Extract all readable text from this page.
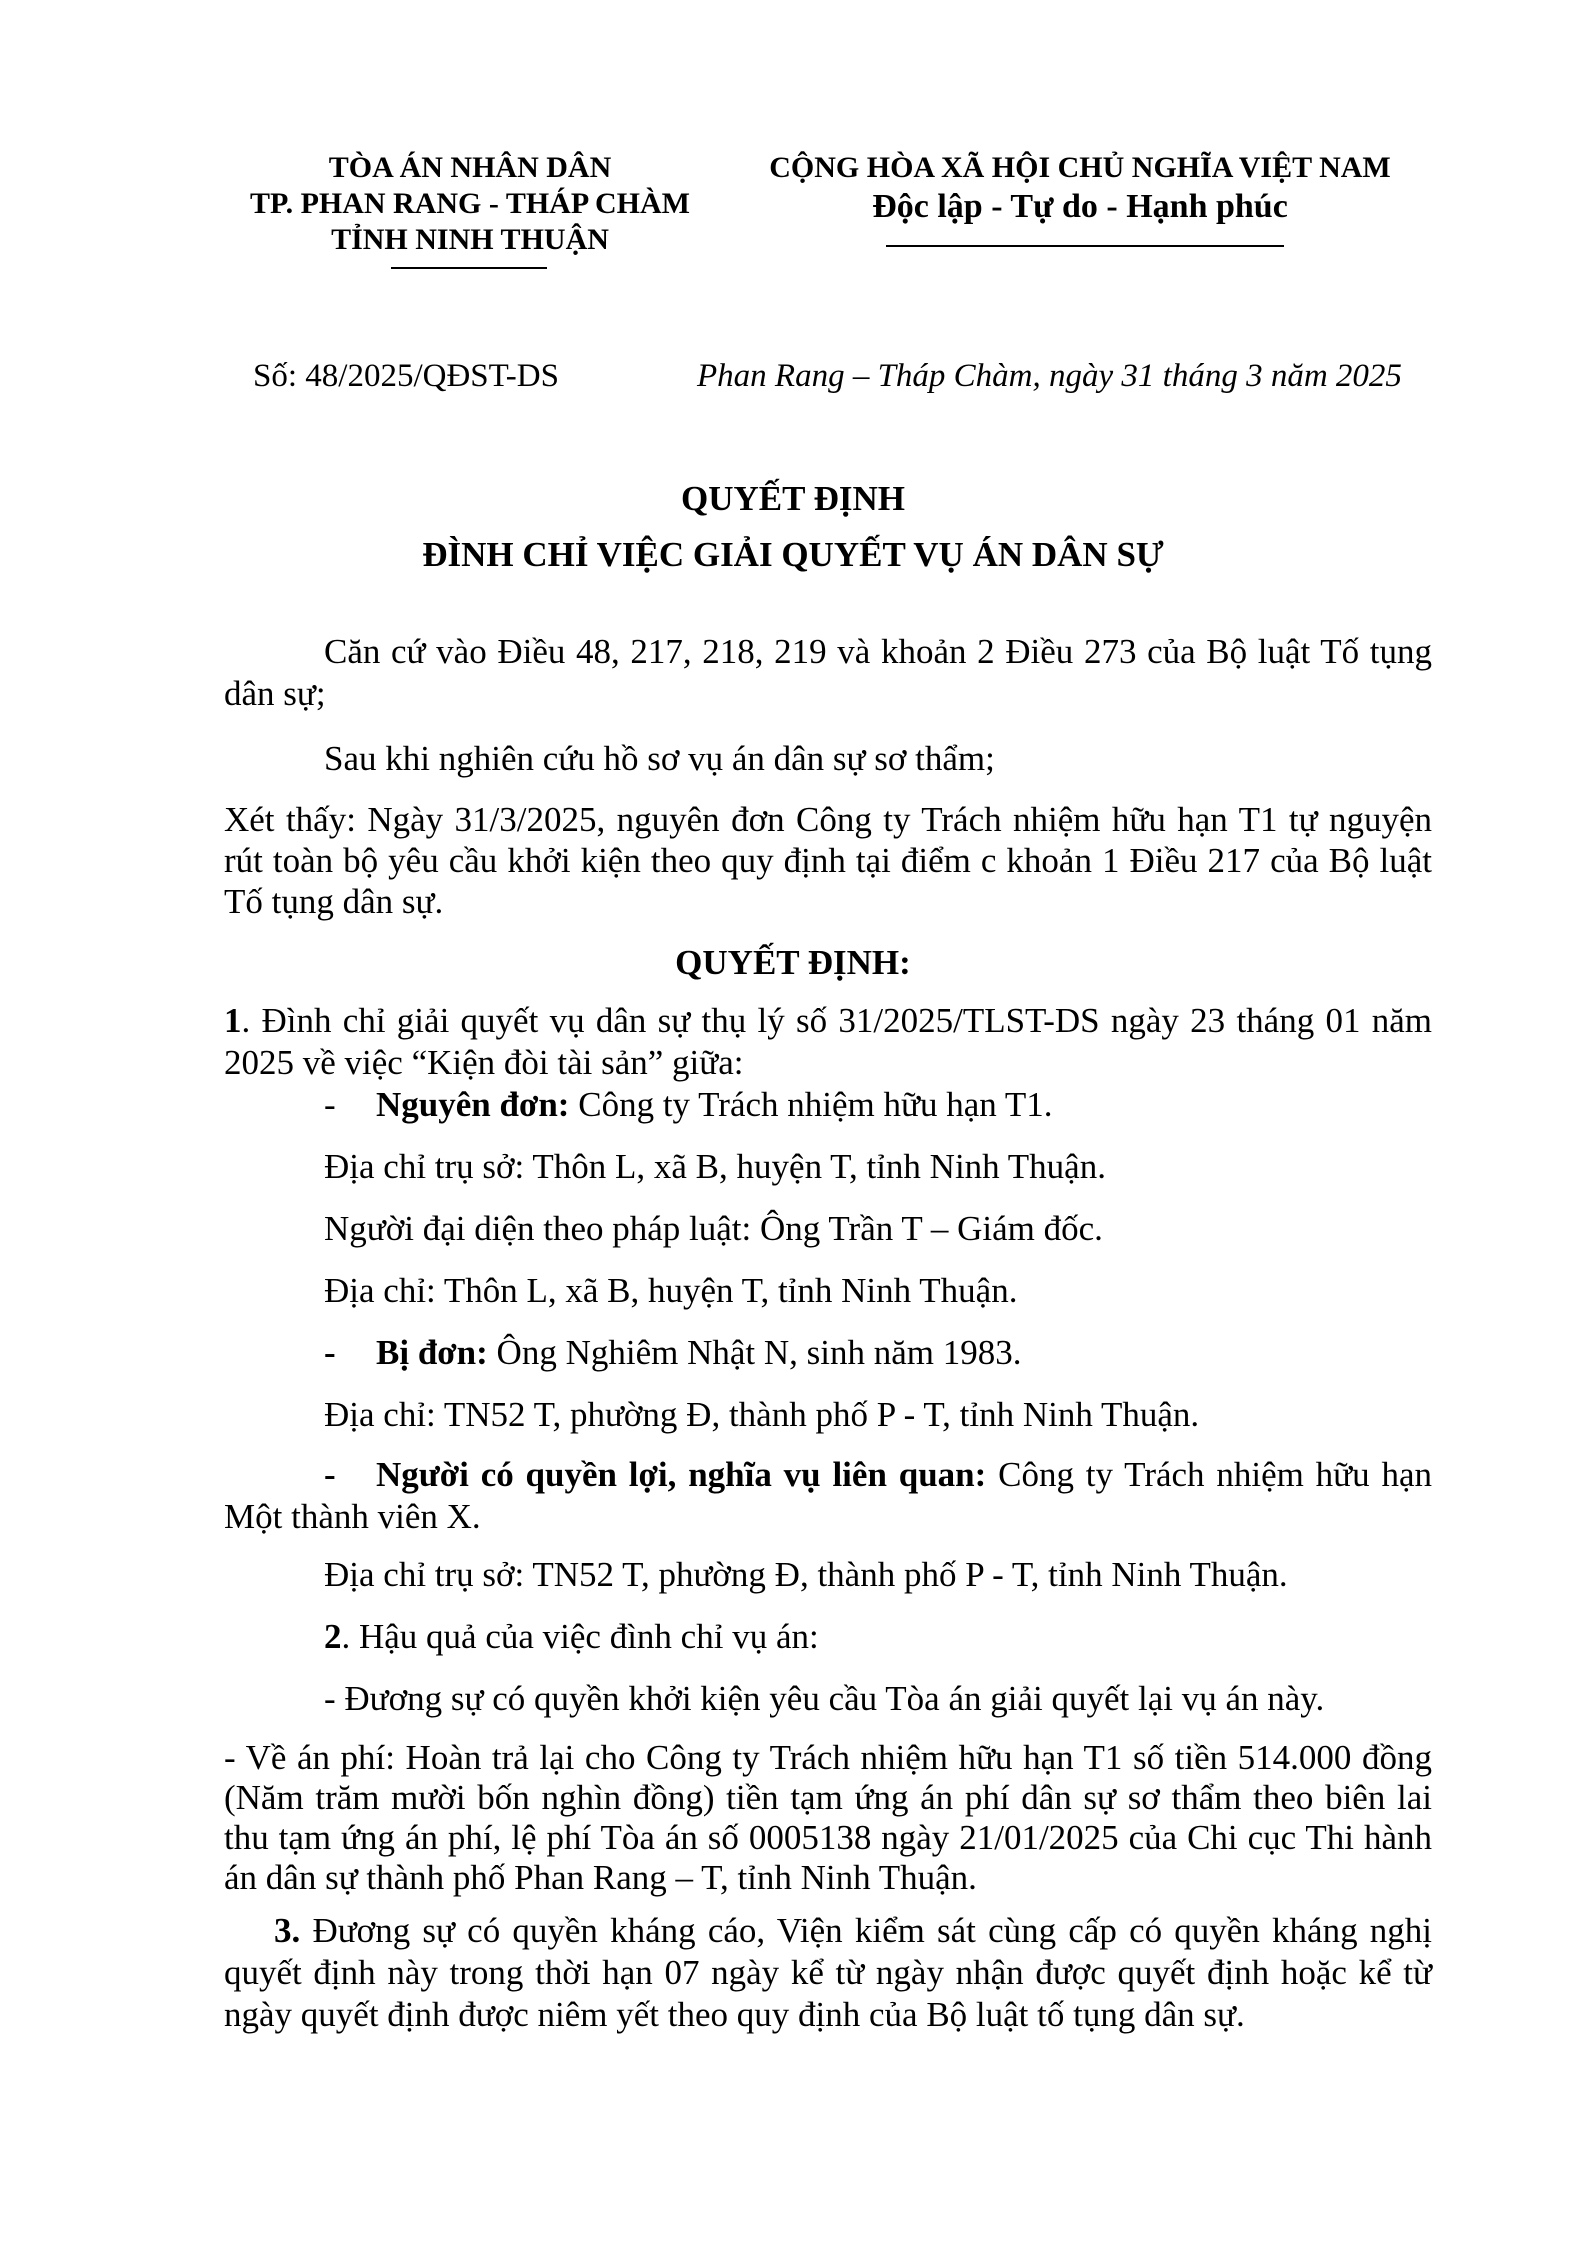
TÒA ÁN NHÂN DÂN
TP. PHAN RANG - THÁP CHÀM
TỈNH NINH THUẬN
CỘNG HÒA XÃ HỘI CHỦ NGHĨA VIỆT NAM
Độc lập - Tự do - Hạnh phúc
Số: 48/2025/QĐST-DS	Phan Rang – Tháp Chàm, ngày 31 tháng 3 năm 2025
QUYẾT ĐỊNH
ĐÌNH CHỈ VIỆC GIẢI QUYẾT VỤ ÁN DÂN SỰ
Căn cứ vào Điều 48, 217, 218, 219 và khoản 2 Điều 273 của Bộ luật Tố tụng dân sự;
Sau khi nghiên cứu hồ sơ vụ án dân sự sơ thẩm;
Xét thấy: Ngày 31/3/2025, nguyên đơn Công ty Trách nhiệm hữu hạn T1 tự nguyện rút toàn bộ yêu cầu khởi kiện theo quy định tại điểm c khoản 1 Điều 217 của Bộ luật Tố tụng dân sự.
QUYẾT ĐỊNH:
1. Đình chỉ giải quyết vụ dân sự thụ lý số 31/2025/TLST-DS ngày 23 tháng 01 năm 2025 về việc “Kiện đòi tài sản” giữa:
- Nguyên đơn: Công ty Trách nhiệm hữu hạn T1.
Địa chỉ trụ sở: Thôn L, xã B, huyện T, tỉnh Ninh Thuận.
Người đại diện theo pháp luật: Ông Trần T – Giám đốc.
Địa chỉ: Thôn L, xã B, huyện T, tỉnh Ninh Thuận.
- Bị đơn: Ông Nghiêm Nhật N, sinh năm 1983.
Địa chỉ: TN52 T, phường Đ, thành phố P - T, tỉnh Ninh Thuận.
- Người có quyền lợi, nghĩa vụ liên quan: Công ty Trách nhiệm hữu hạn Một thành viên X.
Địa chỉ trụ sở: TN52 T, phường Đ, thành phố P - T, tỉnh Ninh Thuận.
2. Hậu quả của việc đình chỉ vụ án:
- Đương sự có quyền khởi kiện yêu cầu Tòa án giải quyết lại vụ án này.
- Về án phí: Hoàn trả lại cho Công ty Trách nhiệm hữu hạn T1 số tiền 514.000 đồng (Năm trăm mười bốn nghìn đồng) tiền tạm ứng án phí dân sự sơ thẩm theo biên lai thu tạm ứng án phí, lệ phí Tòa án số 0005138 ngày 21/01/2025 của Chi cục Thi hành án dân sự thành phố Phan Rang – T, tỉnh Ninh Thuận.
3. Đương sự có quyền kháng cáo, Viện kiểm sát cùng cấp có quyền kháng nghị quyết định này trong thời hạn 07 ngày kể từ ngày nhận được quyết định hoặc kể từ ngày quyết định được niêm yết theo quy định của Bộ luật tố tụng dân sự.
